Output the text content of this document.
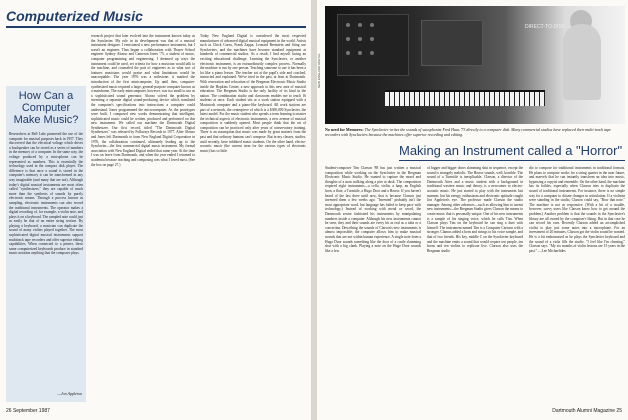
Computerized Music
How Can a Computer Make Music?
Researchers at Bell Labs pioneered the use of the computer for musical purposes back in 1957. They discovered that the electrical voltage which drives a loudspeaker can be stored as a series of numbers in the memory of a computer. In the same way, the voltage produced by a microphone can be represented as numbers. This is essentially the technology used in the compact disk player. The difference is that once a sound is stored in the computer's memory it can be transformed in any way imaginable (and many that are not). Although today's digital musical instruments are most often called "synthesizers," they are capable of much more than the synthesis of sounds by purely electronic means. Through a process known as sampling, electronic instruments can also record the traditional instruments. The operator makes a digital recording of, for example, a violin note, and plays it on a keyboard. The sampled note could just as easily be that of an entire string section. By playing a keyboard, a musician can duplicate the sound of many violins played together. The most sophisticated digital musical instruments support multitrack tape recorders and offer superior editing capabilities. When connected to a printer, these same computerized keyboards produce in standard music notation anything that the composer plays.
—Jon Appleton

research project that later evolved into the instrument known today as the Synclavier. My role in its development was that of a musical instrument designer. I envisioned a new performance instrument, but I wasn't an engineer. Thus began a collaboration with Thayer School engineer Sydney Alonso and Cameron Jones '75, a student of music, computer programming and engineering. I dreamed up ways the instrument could be used, set criteria for how a musician would talk to the machine, and counseled the pair of engineers as to what sort of features musicians would praise and what limitations would be unacceptable. The year 1976 was a milestone: it marked the introduction of the first minicomputer. Up until then, computer-synthesized music required a large, general-purpose computer known as a mainframe. The early minicomputer, however, was too small to use as a sophisticated sound generator. Alonso solved the problem by inventing a separate digital sound-producing device which translated the computer's specifications into instructions a computer could understand. Jones programmed the microcomputer. As the prototypes were built, I composed new works demonstrating that intelligent, sophisticated music could be written, produced and performed on this new instrument. We called our machine the Dartmouth Digital Synthesizer. Our first record, titled "The Dartmouth Digital Synthesizer," was released by Folkways Records in 1977. After Alonso and Jones left Dartmouth to form New England Digital Corporation in 1976, the collaboration continued, ultimately leading up to the Synclavier—the first commercial digital music instrument. My formal association with New England Digital ended that same year. At the time I was on leave from Dartmouth, and when the year ended I returned to academia because teaching and composing was what I loved most. (See the box on page 27.)

Today New England Digital is considered the most respected manufacturer of advanced digital musical equipment in the world. Artists such as Chick Corea, Frank Zappa, Leonard Bernstein and Sting use Synclaviers, and the machines have become standard equipment at hundreds of commercial studios. As a result, I find myself facing an exciting educational challenge. Learning the Synclavier, or another electronic instrument, is an extraordinarily complex process. Normally the machine is run by one person. Teaching someone to use it has been a lot like a piano lesson. The teacher sat at the pupil's side and coached, instructed and explained. We've tried in the past, at least at Dartmouth. With renovation and relocation of the Bregman Electronic Music Studio inside the Hopkins Center, a new approach to this new area of musical education. The Bregman Studio is the only facility of its kind in the nation. The combination studio and classroom enables me to teach 16 students at once. Each student sits at a work station equipped with a Macintosh computer and a piano-like keyboard. All work stations are part of a network, the centerpiece of which is a $300,000 Synclavier, the latest model. For the music student who spends a term learning to master the technical aspects of electronic instruments, a new avenue of musical composition is suddenly opened. Most people think that the art of composition can be practiced only after years of conservatory training. There is an assumption that music was made by great masters from the past and that ordinary humans can't compose. But in my classes, studies, until recently, have inhibited music students. On the other hand, electro-acoustic music (the current term for the various types of electronic music) has so little

26 September 1987
NEW ENGLAND DIGITAL
DIRECT-TO-DISK

No need for Memorex: The Synclavier writes the sounds of saxophonist Fred Haas '73 directly to a computer disk. Many commercial studios have replaced their multi-track tape recorders with Synclaviers because the machines offer superior recording and editing.

Making an Instrument called a "Horror"

Student-composer Tim Clarson '88 has just written a musical composition while working on the Synclavier in the Bregman Electronic Music Studio. He wanted to capture the mood and thoughts of a man walking along a pier at dusk. The composition required eight instruments—a cello, violin, a harp, an English horn, a flute, a Turnstile, a Hugo Door and a Horror. If you haven't heard of the last three until now, that is because Clarson just invented them a few weeks ago. "Invented" probably isn't the most appropriate word, but language has failed to keep pace with technology.) Instead of working with metal or wood, the Dartmouth senior fashioned his instruments by manipulating numbers inside a computer. Although his new instruments cannot be seen, they and their sounds are every bit as real as a tuba or a concertina. Describing the sounds of Clarson's new instruments is almost impossible; the computer allows him to make musical sounds that are not within human experience. A single note from a Hugo Door sounds something like the door of a castle slamming shut with a big clank. Playing a note on the Huge Door sounds like a few

of bigger and bigger doors slamming shut in sequence, except the sound is strangely melodic. The Horror sounds, well, horrible. The sound of a Turnstile is inexplicable. Clarson, a director of the Dartmouth Aires and a music student with a background in traditional western music and theory, is a newcomer to electro-acoustic music. He just started to play with the instrument last summer, but his energy, enthusiasm and electronic aptitude caught Jon Appleton's eye. The professor made Clarson the studio manager. Among other advances—such as allowing him to invent new instruments—the Bregman Studio gives Clarson the means to create music that is personally unique. One of his new instruments is a sample of his singing voice, which he calls Tim. When Clarson plays Tim on the keyboard he can sing a duet with himself. The instrument named Tim is a Computer Cartoon with a stronger. Clamus added a horn and strings to his voice sample, and that of two friends. His key, middle C on the Synclavier keyboard and the machine emits a sound that would require ten people, ten horns and ten violins to replicate live. Clarson also uses the Bregman studio

dio to compose for traditional instruments in traditional formats. He plans to compose works for a string quartet in the near future, and marvels that he can instantly transform an idea into music, bypassing a copyist and ensemble. On the other hand, the machine has its foibles, especially when Clarson tries to duplicate the sound of traditional instruments. For instance, there is no simple way for a computer to dictate changes in articulation. If a violinist were standing in the studio, Clarson could say, "Bow that note." The machine is not as responsive. (With a bit of a trouble, however, savvy users like Clarson know how to get around the problem.) Another problem is that the sounds in the Synclavier's library are all owned by the composer's liking. But in that case he can record his own. Recently Clarson added an accomplished violist to play just some notes into a microphone. For an investment of 20 minutes, Clarson got the violin sound he wanted. He is a bit embarrassed as he plays the Synclavier keyboard and the sound of a viola fills the studio. "I feel like I'm cheating," Clarson says. "My six months of violin lessons are 15 years in the past." —Lee Michaelides

Dartmouth Alumni Magazine 25
